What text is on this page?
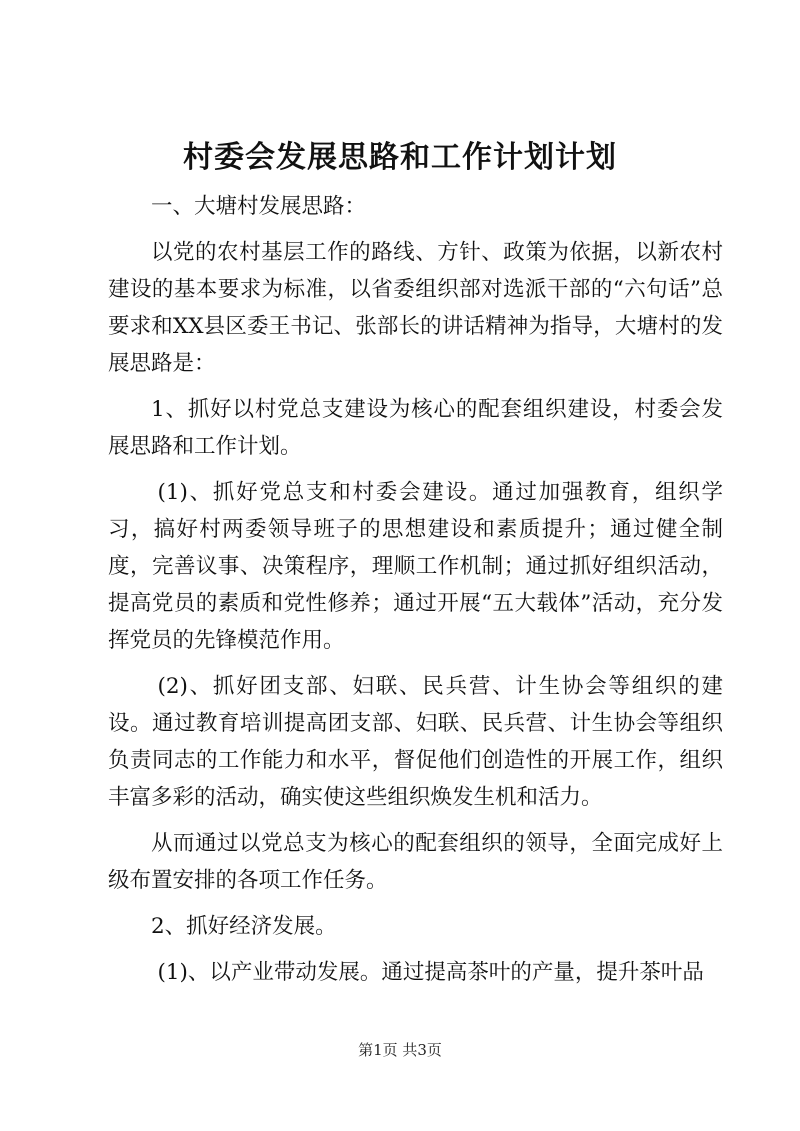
村委会发展思路和工作计划计划

一、大塘村发展思路：

以党的农村基层工作的路线、方针、政策为依据，以新农村建设的基本要求为标准，以省委组织部对选派干部的“六句话”总要求和XX县区委王书记、张部长的讲话精神为指导，大塘村的发展思路是：

1、抓好以村党总支建设为核心的配套组织建设，村委会发展思路和工作计划。

(1)、抓好党总支和村委会建设。通过加强教育，组织学习，搞好村两委领导班子的思想建设和素质提升；通过健全制度，完善议事、决策程序，理顺工作机制；通过抓好组织活动，提高党员的素质和党性修养；通过开展“五大载体”活动，充分发挥党员的先锋模范作用。

(2)、抓好团支部、妇联、民兵营、计生协会等组织的建设。通过教育培训提高团支部、妇联、民兵营、计生协会等组织负责同志的工作能力和水平，督促他们创造性的开展工作，组织丰富多彩的活动，确实使这些组织焕发生机和活力。

从而通过以党总支为核心的配套组织的领导，全面完成好上级布置安排的各项工作任务。

2、抓好经济发展。

(1)、以产业带动发展。通过提高茶叶的产量，提升茶叶品

第1页 共3页
